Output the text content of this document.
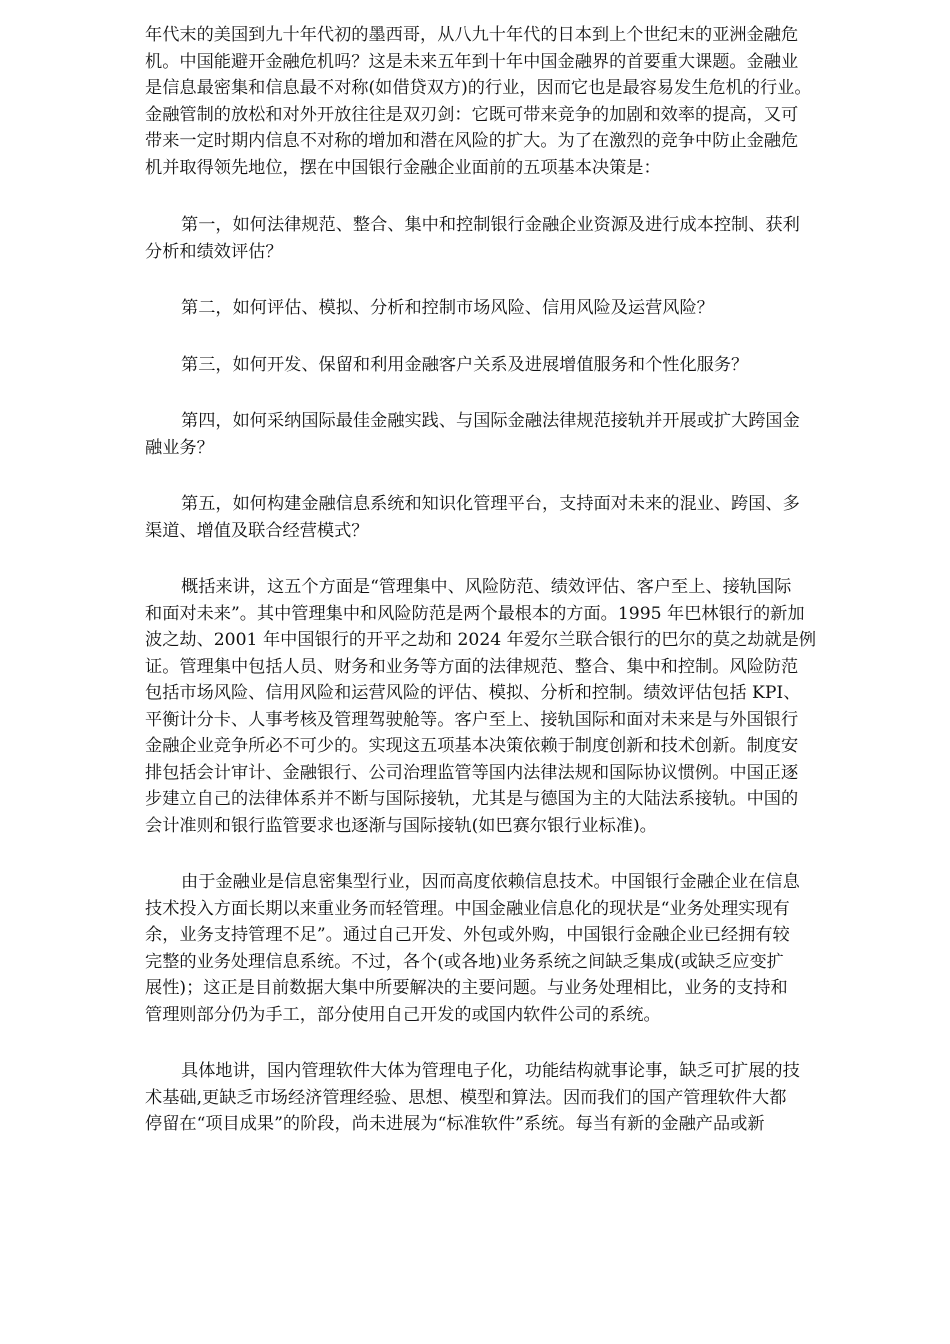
年代末的美国到九十年代初的墨西哥，从八九十年代的日本到上个世纪末的亚洲金融危
机。中国能避开金融危机吗？这是未来五年到十年中国金融界的首要重大课题。金融业
是信息最密集和信息最不对称(如借贷双方)的行业，因而它也是最容易发生危机的行业。
金融管制的放松和对外开放往往是双刃剑：它既可带来竞争的加剧和效率的提高，又可
带来一定时期内信息不对称的增加和潜在风险的扩大。为了在激烈的竞争中防止金融危
机并取得领先地位，摆在中国银行金融企业面前的五项基本决策是：

第一，如何法律规范、整合、集中和控制银行金融企业资源及进行成本控制、获利
分析和绩效评估？

第二，如何评估、模拟、分析和控制市场风险、信用风险及运营风险？

第三，如何开发、保留和利用金融客户关系及进展增值服务和个性化服务？

第四，如何采纳国际最佳金融实践、与国际金融法律规范接轨并开展或扩大跨国金
融业务？

第五，如何构建金融信息系统和知识化管理平台，支持面对未来的混业、跨国、多
渠道、增值及联合经营模式？

概括来讲，这五个方面是“管理集中、风险防范、绩效评估、客户至上、接轨国际
和面对未来”。其中管理集中和风险防范是两个最根本的方面。1995 年巴林银行的新加
波之劫、2001 年中国银行的开平之劫和 2024 年爱尔兰联合银行的巴尔的莫之劫就是例
证。管理集中包括人员、财务和业务等方面的法律规范、整合、集中和控制。风险防范
包括市场风险、信用风险和运营风险的评估、模拟、分析和控制。绩效评估包括 KPI、
平衡计分卡、人事考核及管理驾驶舱等。客户至上、接轨国际和面对未来是与外国银行
金融企业竞争所必不可少的。实现这五项基本决策依赖于制度创新和技术创新。制度安
排包括会计审计、金融银行、公司治理监管等国内法律法规和国际协议惯例。中国正逐
步建立自己的法律体系并不断与国际接轨，尤其是与德国为主的大陆法系接轨。中国的
会计准则和银行监管要求也逐渐与国际接轨(如巴赛尔银行业标准)。

由于金融业是信息密集型行业，因而高度依赖信息技术。中国银行金融企业在信息
技术投入方面长期以来重业务而轻管理。中国金融业信息化的现状是“业务处理实现有
余，业务支持管理不足”。通过自己开发、外包或外购，中国银行金融企业已经拥有较
完整的业务处理信息系统。不过，各个(或各地)业务系统之间缺乏集成(或缺乏应变扩
展性)；这正是目前数据大集中所要解决的主要问题。与业务处理相比，业务的支持和
管理则部分仍为手工，部分使用自己开发的或国内软件公司的系统。

具体地讲，国内管理软件大体为管理电子化，功能结构就事论事，缺乏可扩展的技
术基础,更缺乏市场经济管理经验、思想、模型和算法。因而我们的国产管理软件大都
停留在“项目成果”的阶段，尚未进展为“标准软件”系统。每当有新的金融产品或新
